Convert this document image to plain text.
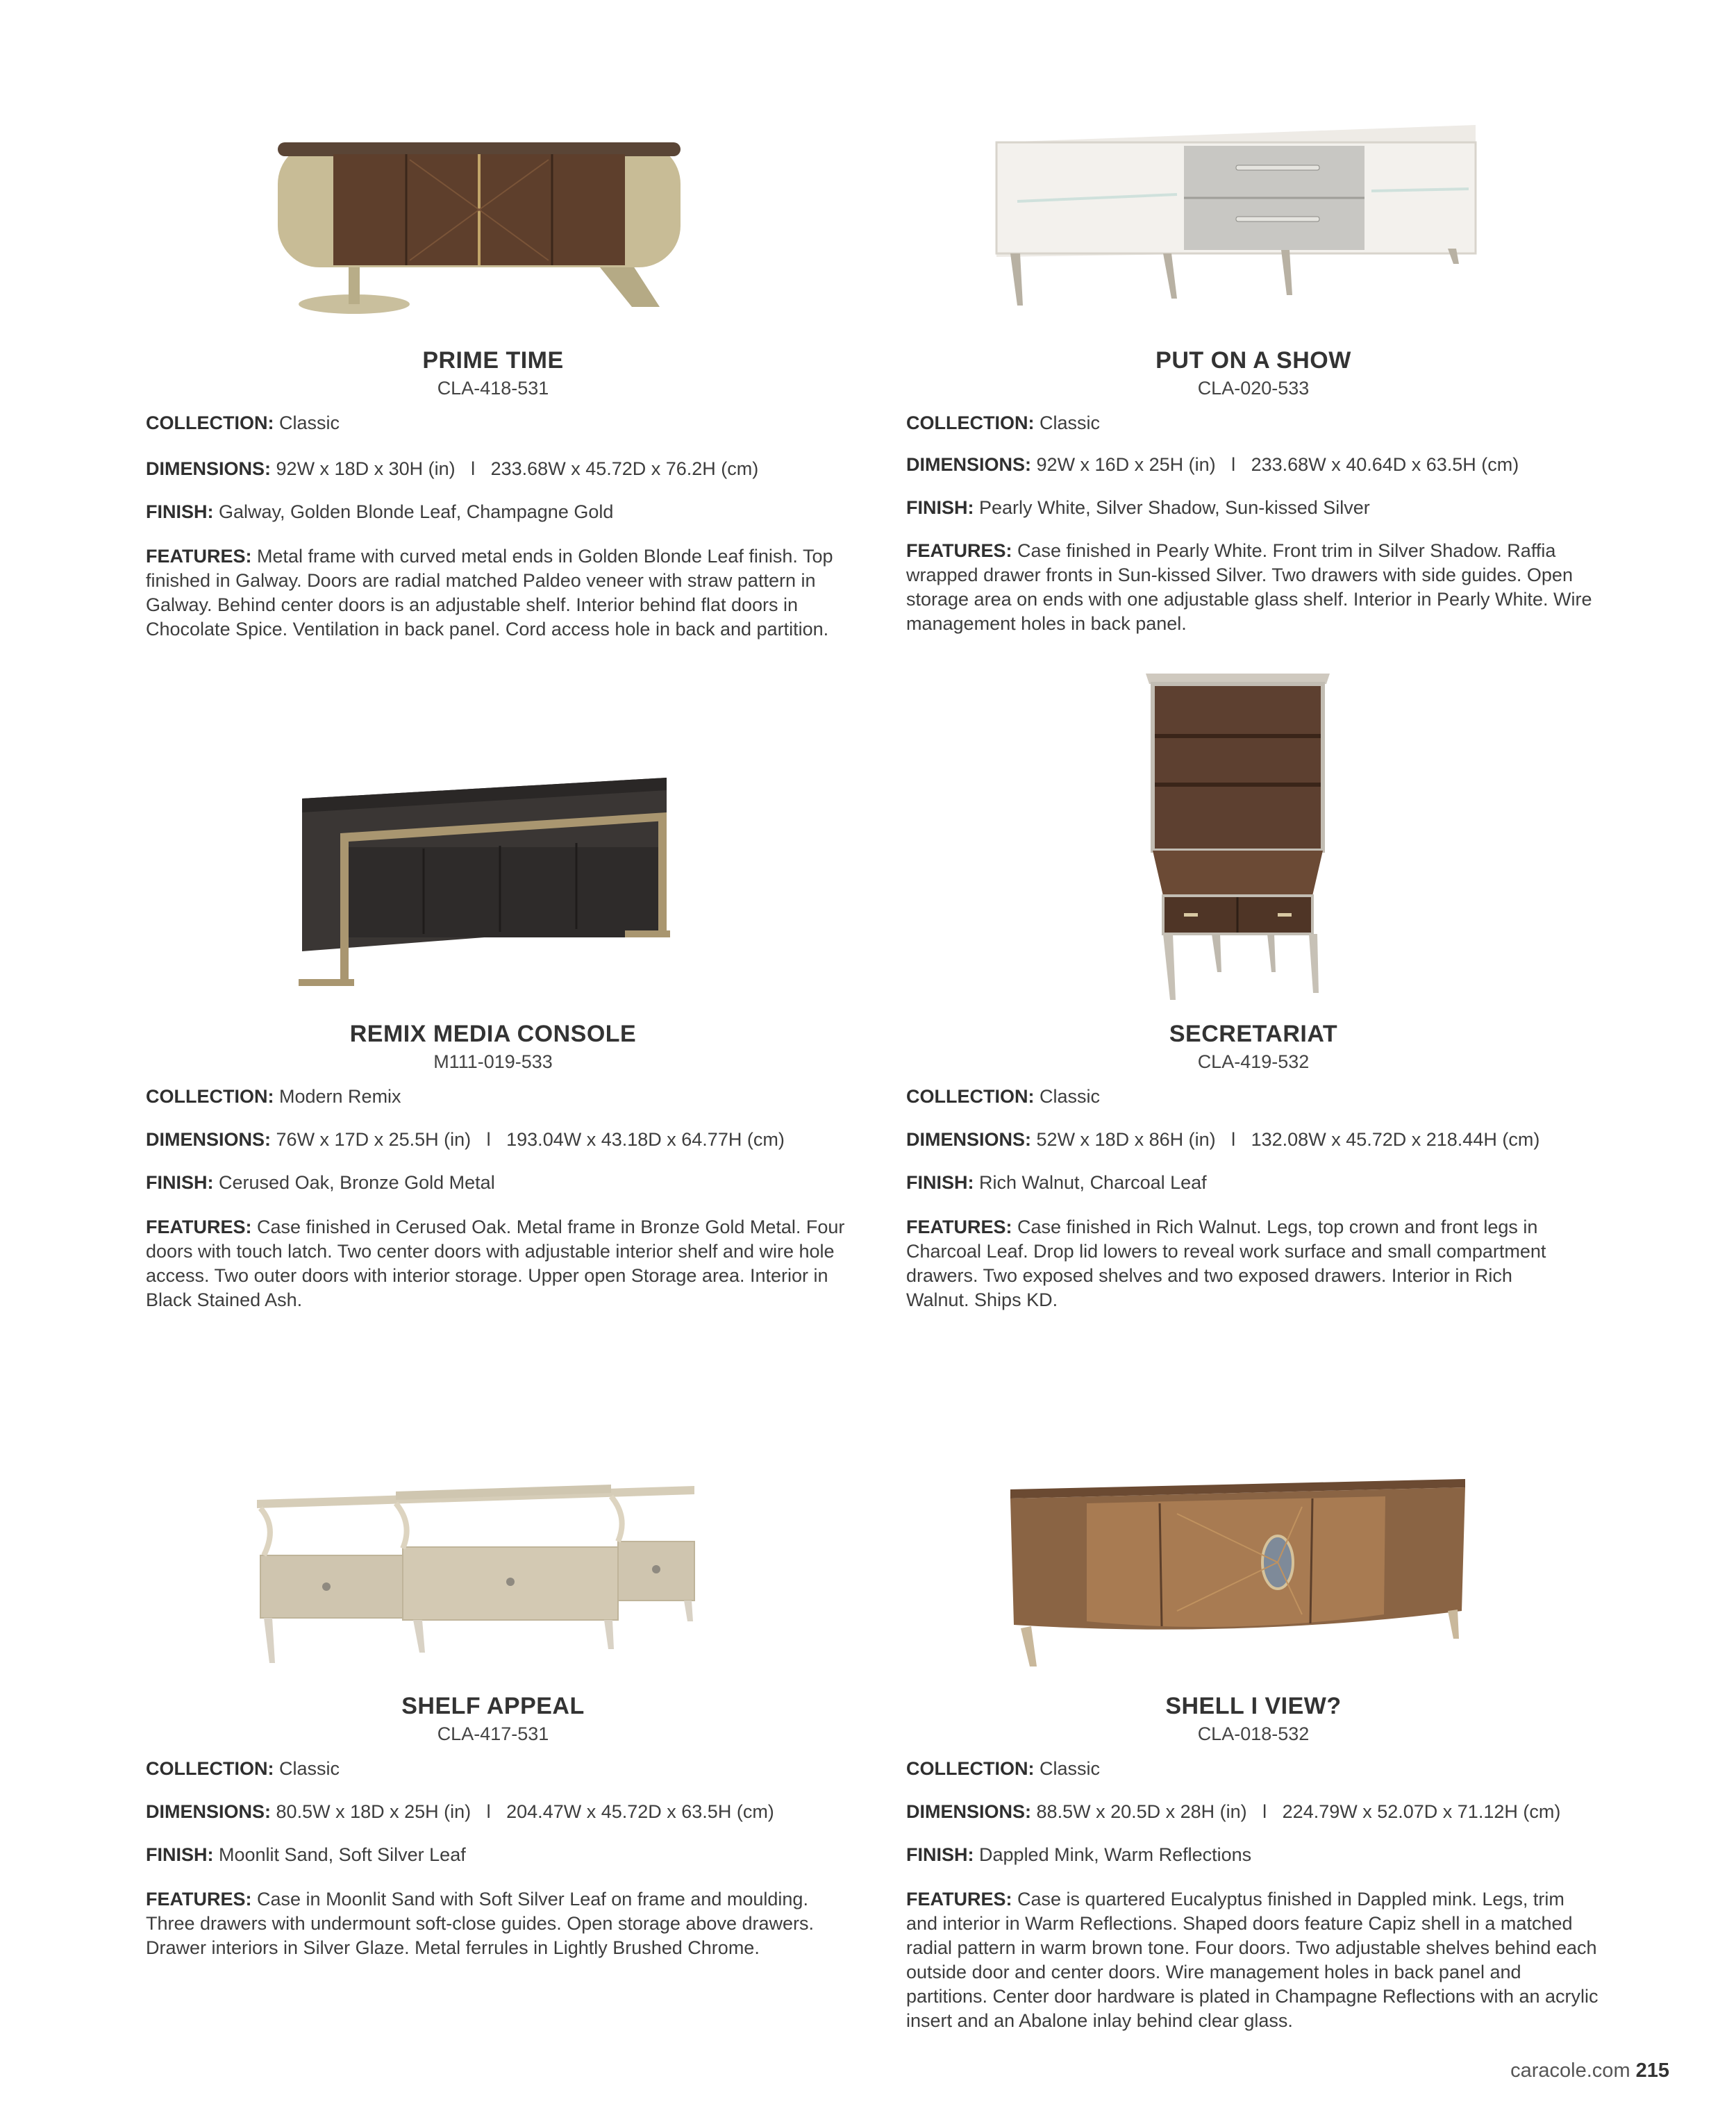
PRIME TIME
CLA-418-531
COLLECTION: Classic
DIMENSIONS: 92W x 18D x 30H (in)   l   233.68W x 45.72D x 76.2H (cm)
FINISH: Galway, Golden Blonde Leaf, Champagne Gold
FEATURES: Metal frame with curved metal ends in Golden Blonde Leaf finish. Top finished in Galway. Doors are radial matched Paldeo veneer with straw pattern in Galway. Behind center doors is an adjustable shelf. Interior behind flat doors in Chocolate Spice. Ventilation in back panel. Cord access hole in back and partition.
PUT ON A SHOW
CLA-020-533
COLLECTION: Classic
DIMENSIONS: 92W x 16D x 25H (in)   l   233.68W x 40.64D x 63.5H (cm)
FINISH: Pearly White, Silver Shadow, Sun-kissed Silver
FEATURES: Case finished in Pearly White. Front trim in Silver Shadow. Raffia wrapped drawer fronts in Sun-kissed Silver. Two drawers with side guides. Open storage area on ends with one adjustable glass shelf. Interior in Pearly White. Wire management holes in back panel.
REMIX MEDIA CONSOLE
M111-019-533
COLLECTION: Modern Remix
DIMENSIONS: 76W x 17D x 25.5H (in)   l   193.04W x 43.18D x 64.77H (cm)
FINISH: Cerused Oak, Bronze Gold Metal
FEATURES: Case finished in Cerused Oak. Metal frame in Bronze Gold Metal. Four doors with touch latch. Two center doors with adjustable interior shelf and wire hole access. Two outer doors with interior storage. Upper open Storage area. Interior in Black Stained Ash.
SECRETARIAT
CLA-419-532
COLLECTION: Classic
DIMENSIONS: 52W x 18D x 86H (in)   l   132.08W x 45.72D x 218.44H (cm)
FINISH: Rich Walnut, Charcoal Leaf
FEATURES: Case finished in Rich Walnut. Legs, top crown and front legs in Charcoal Leaf. Drop lid lowers to reveal work surface and small compartment drawers. Two exposed shelves and two exposed drawers. Interior in Rich Walnut. Ships KD.
SHELF APPEAL
CLA-417-531
COLLECTION: Classic
DIMENSIONS: 80.5W x 18D x 25H (in)   l   204.47W x 45.72D x 63.5H (cm)
FINISH: Moonlit Sand, Soft Silver Leaf
FEATURES: Case in Moonlit Sand with Soft Silver Leaf on frame and moulding. Three drawers with undermount soft-close guides. Open storage above drawers. Drawer interiors in Silver Glaze. Metal ferrules in Lightly Brushed Chrome.
SHELL I VIEW?
CLA-018-532
COLLECTION: Classic
DIMENSIONS: 88.5W x 20.5D x 28H (in)   l   224.79W x 52.07D x 71.12H (cm)
FINISH: Dappled Mink, Warm Reflections
FEATURES: Case is quartered Eucalyptus finished in Dappled mink. Legs, trim and interior in Warm Reflections. Shaped doors feature Capiz shell in a matched radial pattern in warm brown tone. Four doors. Two adjustable shelves behind each outside door and center doors. Wire management holes in back panel and partitions. Center door hardware is plated in Champagne Reflections with an acrylic insert and an Abalone inlay behind clear glass.
caracole.com 215
